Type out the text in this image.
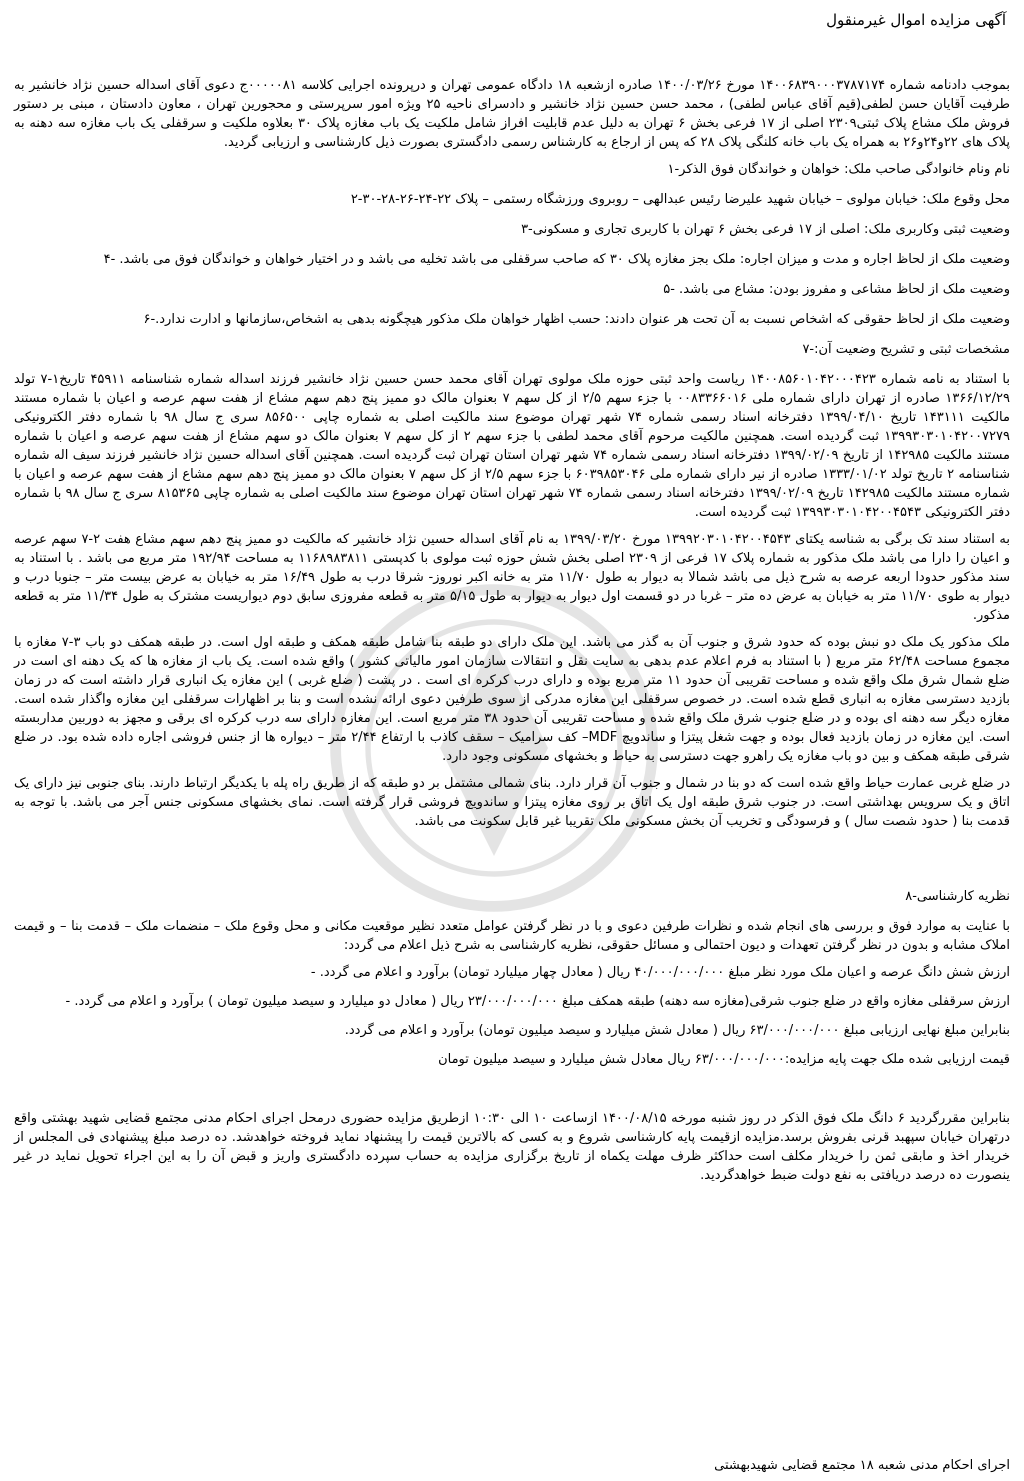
آگهی مزایده اموال غیرمنقول

بموجب دادنامه شماره ۱۴۰۰۶۸۳۹۰۰۰۳۷۸۷۱۷۴ مورخ ۱۴۰۰/۰۳/۲۶ صادره ازشعبه ۱۸ دادگاه عمومی تهران و درپرونده اجرایی کلاسه ۰۰۰۰۰۸۱ج دعوی آقای اسداله حسین نژاد خانشیر به طرفیت آقایان حسن لطفی(قیم آقای عباس لطفی) ، محمد حسن حسین نژاد خانشیر و دادسرای ناحیه ۲۵ ویژه امور سرپرستی و محجورین تهران ، معاون دادستان ، مبنی بر دستور فروش ملک مشاع پلاک ثبتی۲۳۰۹ اصلی از ۱۷ فرعی بخش ۶ تهران به دلیل عدم قابلیت افراز شامل ملکیت یک باب مغازه پلاک ۳۰ بعلاوه ملکیت و سرقفلی یک باب مغازه سه دهنه به پلاک های ۲۲و۲۴و۲۶ به همراه یک باب خانه کلنگی پلاک ۲۸ که پس از ارجاع به کارشناس رسمی دادگستری بصورت ذیل کارشناسی و ارزیابی گردید.

نام ونام خانوادگی صاحب ملک: خواهان و خواندگان فوق الذکر-۱

محل وقوع ملک: خیابان مولوی – خیابان شهید علیرضا رئیس عبدالهی – روبروی ورزشگاه رستمی – پلاک ۲۲-۲۴-۲۶-۲۸-۳۰-۲

وضعیت ثبتی وکاربری ملک: اصلی از ۱۷ فرعی بخش ۶ تهران با کاربری تجاری و مسکونی-۳

وضعیت ملک از لحاظ اجاره و مدت و میزان اجاره: ملک بجز مغازه پلاک ۳۰ که صاحب سرقفلی می باشد تخلیه می باشد و در اختیار خواهان و خواندگان فوق می باشد. -۴

وضعیت ملک از لحاظ مشاعی و مفروز بودن: مشاع می باشد. -۵

وضعیت ملک از لحاظ حقوقی که اشخاص نسبت به آن تحت هر عنوان دادند: حسب اظهار خواهان ملک مذکور هیچگونه بدهی به اشخاص،سازمانها و ادارت ندارد.-۶

مشخصات ثبتی و تشریح وضعیت آن:-۷

با استناد به نامه شماره ۱۴۰۰۸۵۶۰۱۰۴۲۰۰۰۴۲۳ ریاست واحد ثبتی حوزه ملک مولوی تهران آقای محمد حسن حسین نژاد خانشیر فرزند اسداله شماره شناسنامه ۴۵۹۱۱ تاریخ۱-۷ تولد ۱۳۶۶/۱۲/۲۹ صادره از تهران دارای شماره ملی ۰۰۸۳۳۶۶۰۱۶ با جزء سهم ۲/۵ از کل سهم ۷ بعنوان مالک دو ممیز پنج دهم سهم مشاع از هفت سهم عرصه و اعیان با شماره مستند مالکیت ۱۴۳۱۱۱ تاریخ ۱۳۹۹/۰۴/۱۰ دفترخانه اسناد رسمی شماره ۷۴ شهر تهران موضوع سند مالکیت اصلی به شماره چاپی ۸۵۶۵۰۰ سری ج سال ۹۸ با شماره دفتر الکترونیکی ۱۳۹۹۳۰۳۰۱۰۴۲۰۰۷۲۷۹ ثبت گردیده است. همچنین مالکیت مرحوم آقای محمد لطفی با جزء سهم ۲ از کل سهم ۷ بعنوان مالک دو سهم مشاع از هفت سهم عرصه و اعیان با شماره مستند مالکیت ۱۴۲۹۸۵ از تاریخ ۱۳۹۹/۰۲/۰۹ دفترخانه اسناد رسمی شماره ۷۴ شهر تهران استان تهران ثبت گردیده است. همچنین آقای اسداله حسین نژاد خانشیر فرزند سیف اله شماره شناسنامه ۲ تاریخ تولد ۱۳۳۳/۰۱/۰۲ صادره از نیر دارای شماره ملی ۶۰۳۹۸۵۳۰۴۶ با جزء سهم ۲/۵ از کل سهم ۷ بعنوان مالک دو ممیز پنج دهم سهم مشاع از هفت سهم عرصه و اعیان با شماره مستند مالکیت ۱۴۲۹۸۵ تاریخ ۱۳۹۹/۰۲/۰۹ دفترخانه اسناد رسمی شماره ۷۴ شهر تهران استان تهران موضوع سند مالکیت اصلی به شماره چاپی ۸۱۵۳۶۵ سری ج سال ۹۸ با شماره دفتر الکترونیکی ۱۳۹۹۳۰۳۰۱۰۴۲۰۰۴۵۴۳ ثبت گردیده است.

به استناد سند تک برگی به شناسه یکتای ۱۳۹۹۲۰۳۰۱۰۴۲۰۰۴۵۴۳ مورخ ۱۳۹۹/۰۳/۲۰ به نام آقای اسداله حسین نژاد خانشیر که مالکیت دو ممیز پنج دهم سهم مشاع هفت ۲-۷ سهم عرصه و اعیان را دارا می باشد ملک مذکور به شماره پلاک ۱۷ فرعی از ۲۳۰۹ اصلی بخش شش حوزه ثبت مولوی با کدپستی ۱۱۶۸۹۸۳۸۱۱ به مساحت ۱۹۲/۹۴ متر مربع می باشد . با استناد به سند مذکور حدودا اربعه عرصه به شرح ذیل می باشد شمالا به دیوار به طول ۱۱/۷۰ متر به خانه اکبر نوروز- شرقا درب به طول ۱۶/۴۹ متر به خیابان به عرض بیست متر – جنوبا درب و دیوار به طوی ۱۱/۷۰ متر به خیابان به عرض ده متر – غربا در دو قسمت اول دیوار به دیوار به طول ۵/۱۵ متر به قطعه مفروزی سابق دوم دیواریست مشترک به طول ۱۱/۳۴ متر به قطعه مذکور.

ملک مذکور یک ملک دو نبش بوده که حدود شرق و جنوب آن به گذر می باشد. این ملک دارای دو طبقه بنا شامل طبقه همکف و طبقه اول است. در طبقه همکف دو باب ۳-۷ مغازه با مجموع مساحت ۶۲/۴۸ متر مربع ( با استناد به فرم اعلام عدم بدهی به سایت نقل و انتقالات سازمان امور مالیاتی کشور ) واقع شده است. یک باب از مغازه ها که یک دهنه ای است در ضلع شمال شرق ملک واقع شده و مساحت تقریبی آن حدود ۱۱ متر مربع بوده و دارای درب کرکره ای است . در پشت ( ضلع غربی ) این مغازه یک انباری قرار داشته است که در زمان بازدید دسترسی مغازه به انباری قطع شده است. در خصوص سرقفلی این مغازه مدرکی از سوی طرفین دعوی ارائه نشده است و بنا بر اظهارات سرقفلی این مغازه واگذار شده است. مغازه دیگر سه دهنه ای بوده و در ضلع جنوب شرق ملک واقع شده و مساحت تقریبی آن حدود ۳۸ متر مربع است. این مغازه دارای سه درب کرکره ای برقی و مجهز به دوربین مداربسته است. این مغازه در زمان بازدید فعال بوده و جهت شغل پیتزا و ساندویچ MDF– کف سرامیک – سقف کاذب با ارتفاع ۲/۴۴ متر – دیواره ها از جنس فروشی اجاره داده شده بود. در ضلع شرقی طبقه همکف و بین دو باب مغازه یک راهرو جهت دسترسی به حیاط و بخشهای مسکونی وجود دارد.

در ضلع غربی عمارت حیاط واقع شده است که دو بنا در شمال و جنوب آن قرار دارد. بنای شمالی مشتمل بر دو طبقه که از طریق راه پله با یکدیگر ارتباط دارند. بنای جنوبی نیز دارای یک اتاق و یک سرویس بهداشتی است. در جنوب شرق طبقه اول یک اتاق بر روی مغازه پیتزا و ساندویچ فروشی قرار گرفته است. نمای بخشهای مسکونی جنس آجر می باشد. با توجه به قدمت بنا ( حدود شصت سال ) و فرسودگی و تخریب آن بخش مسکونی ملک تقریبا غیر قابل سکونت می باشد.

نظریه کارشناسی-۸

با عنایت به موارد فوق و بررسی های انجام شده و نظرات طرفین دعوی و با در نظر گرفتن عوامل متعدد نظیر موقعیت مکانی و محل وقوع ملک – منضمات ملک – قدمت بنا – و قیمت املاک مشابه و بدون در نظر گرفتن تعهدات و دیون احتمالی و مسائل حقوقی، نظریه کارشناسی به شرح ذیل اعلام می گردد:

ارزش شش دانگ عرصه و اعیان ملک مورد نظر مبلغ ۴۰/۰۰۰/۰۰۰/۰۰۰ ریال ( معادل چهار میلیارد تومان) برآورد و اعلام می گردد. -

ارزش سرقفلی مغازه واقع در ضلع جنوب شرقی(مغازه سه دهنه) طبقه همکف مبلغ ۲۳/۰۰۰/۰۰۰/۰۰۰ ریال ( معادل دو میلیارد و سیصد میلیون تومان ) برآورد و اعلام می گردد. -

بنابراین مبلغ نهایی ارزیابی مبلغ ۶۳/۰۰۰/۰۰۰/۰۰۰ ریال ( معادل شش میلیارد و سیصد میلیون تومان) برآورد و اعلام می گردد.

قیمت ارزیابی شده ملک جهت پایه مزایده:۶۳/۰۰۰/۰۰۰/۰۰۰ ریال معادل شش میلیارد و سیصد میلیون تومان

بنابراین مقررگردید ۶ دانگ ملک فوق الذکر در روز شنبه مورخه ۱۴۰۰/۰۸/۱۵ ازساعت ۱۰ الی ۱۰:۳۰ ازطریق مزایده حضوری درمحل اجرای احکام مدنی مجتمع قضایی شهید بهشتی واقع درتهران خیابان سپهبد قرنی بفروش برسد.مزایده ازقیمت پایه کارشناسی شروع و به کسی که بالاترین قیمت را پیشنهاد نماید فروخته خواهدشد. ده درصد مبلغ پیشنهادی فی المجلس از خریدار اخذ و مابقی ثمن را خریدار مکلف است حداکثر ظرف مهلت یکماه از تاریخ برگزاری مزایده به حساب سپرده دادگستری واریز و قبض آن را به این اجراء تحویل نماید در غیر ینصورت ده درصد دریافتی به نفع دولت ضبط خواهدگردید.

اجرای احکام مدنی شعبه ۱۸ مجتمع قضایی شهیدبهشتی
